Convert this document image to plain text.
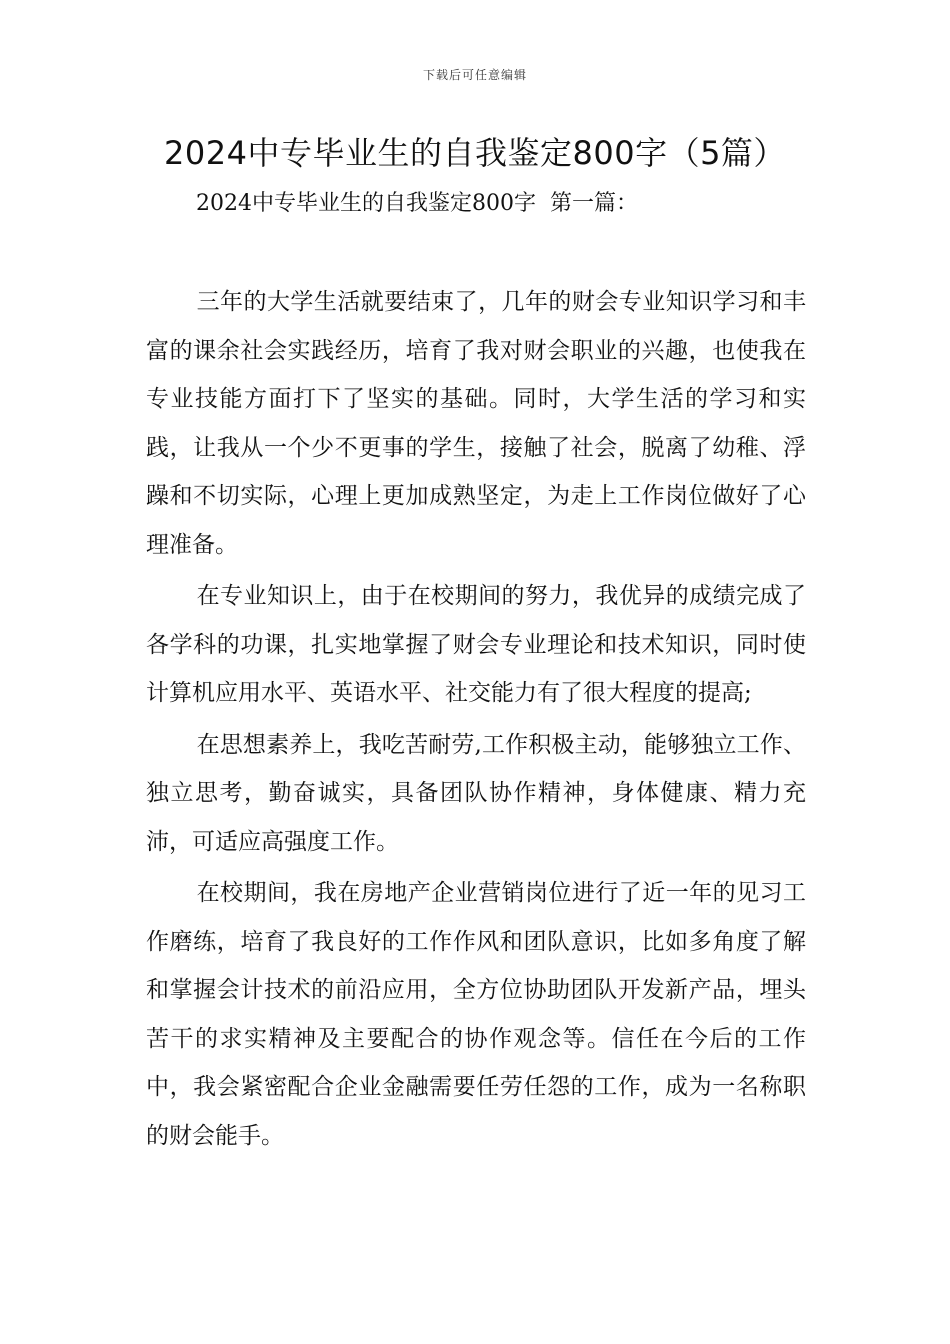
下载后可任意编辑
2024中专毕业生的自我鉴定800字（5篇）
2024中专毕业生的自我鉴定800字  第一篇：

三年的大学生活就要结束了，几年的财会专业知识学习和丰富的课余社会实践经历，培育了我对财会职业的兴趣，也使我在专业技能方面打下了坚实的基础。同时，大学生活的学习和实践，让我从一个少不更事的学生，接触了社会，脱离了幼稚、浮躁和不切实际，心理上更加成熟坚定，为走上工作岗位做好了心理准备。

在专业知识上，由于在校期间的努力，我优异的成绩完成了各学科的功课，扎实地掌握了财会专业理论和技术知识，同时使计算机应用水平、英语水平、社交能力有了很大程度的提高;

在思想素养上，我吃苦耐劳,工作积极主动，能够独立工作、独立思考，勤奋诚实，具备团队协作精神，身体健康、精力充沛，可适应高强度工作。

在校期间，我在房地产企业营销岗位进行了近一年的见习工作磨练，培育了我良好的工作作风和团队意识，比如多角度了解和掌握会计技术的前沿应用，全方位协助团队开发新产品，埋头苦干的求实精神及主要配合的协作观念等。信任在今后的工作中，我会紧密配合企业金融需要任劳任怨的工作，成为一名称职的财会能手。
